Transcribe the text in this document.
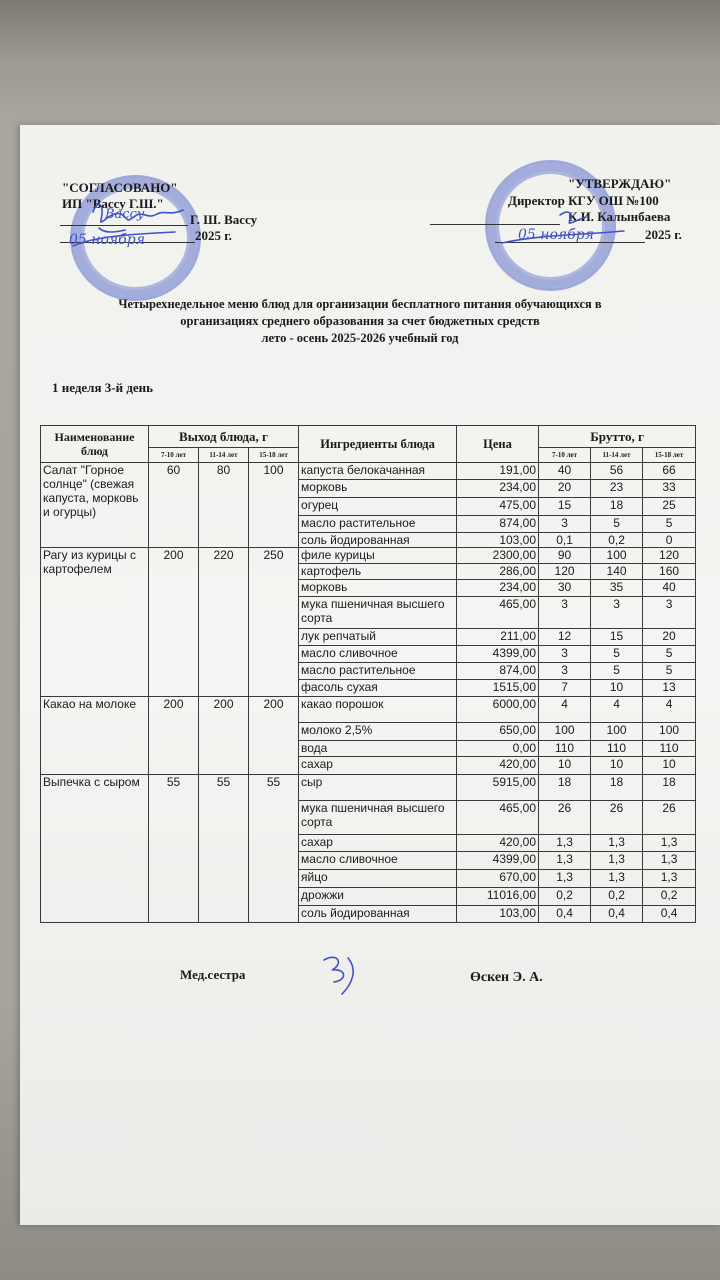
"СОГЛАСОВАНО"
ИП "Вассу Г.Ш."
Г. Ш. Вассу
2025 г.
Вассу
05 ноября
"УТВЕРЖДАЮ"
Директор КГУ ОШ №100
К.И. Калынбаева
2025 г.
05 ноября
Четырехнедельное меню блюд для организации бесплатного питания обучающихся в
организациях среднего образования за счет бюджетных средств
лето - осень 2025-2026 учебный год
1 неделя 3-й день
Наименование блюд	Выход блюда, г			Ингредиенты блюда	Цена	Брутто, г		
	7-10 лет	11-14 лет	15-18 лет			7-10 лет	11-14 лет	15-18 лет
Салат "Горное солнце" (свежая капуста, морковь и огурцы)	60	80	100	капуста белокачанная	191,00	40	56	66
				морковь	234,00	20	23	33
				огурец	475,00	15	18	25
				масло растительное	874,00	3	5	5
				соль йодированная	103,00	0,1	0,2	0
Рагу из курицы с картофелем	200	220	250	филе курицы	2300,00	90	100	120
				картофель	286,00	120	140	160
				морковь	234,00	30	35	40
				мука пшеничная высшего сорта	465,00	3	3	3
				лук репчатый	211,00	12	15	20
				масло сливочное	4399,00	3	5	5
				масло растительное	874,00	3	5	5
				фасоль сухая	1515,00	7	10	13
Какао на молоке	200	200	200	какао порошок	6000,00	4	4	4
				молоко 2,5%	650,00	100	100	100
				вода	0,00	110	110	110
				сахар	420,00	10	10	10
Выпечка с сыром	55	55	55	сыр	5915,00	18	18	18
				мука пшеничная высшего сорта	465,00	26	26	26
				сахар	420,00	1,3	1,3	1,3
				масло сливочное	4399,00	1,3	1,3	1,3
				яйцо	670,00	1,3	1,3	1,3
				дрожжи	11016,00	0,2	0,2	0,2
				соль йодированная	103,00	0,4	0,4	0,4
Мед.сестра	Өскен Э. А.
